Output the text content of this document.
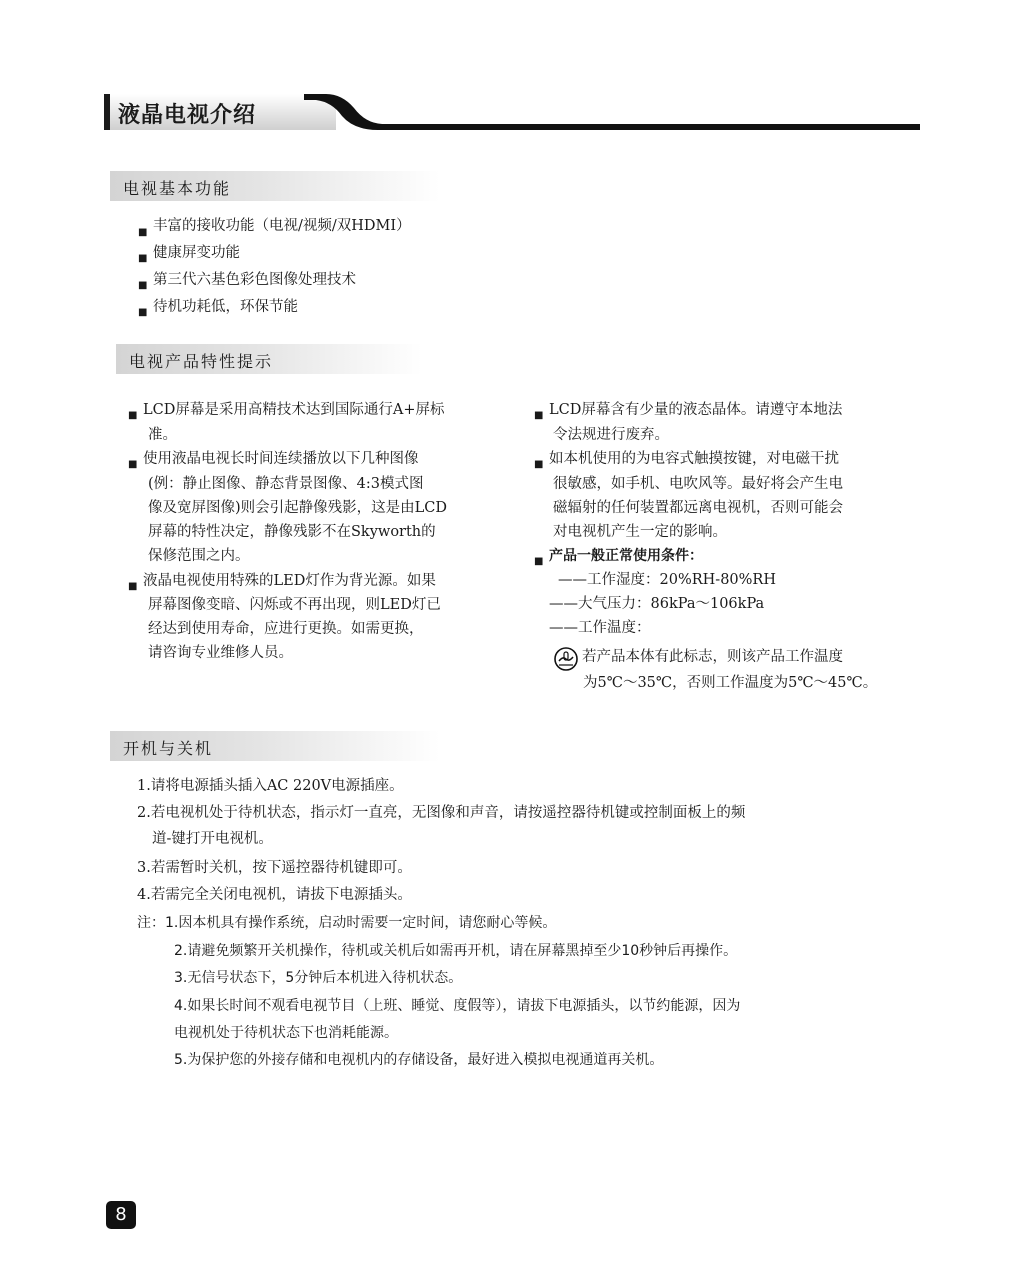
液晶电视介绍
电视基本功能
■ 丰富的接收功能（电视/视频/双HDMI）
■ 健康屏变功能
■ 第三代六基色彩色图像处理技术
■ 待机功耗低，环保节能
电视产品特性提示
■ LCD屏幕是采用高精技术达到国际通行A+屏标
准。
■ 使用液晶电视长时间连续播放以下几种图像
(例：静止图像、静态背景图像、4:3模式图
像及宽屏图像)则会引起静像残影，这是由LCD
屏幕的特性决定，静像残影不在Skyworth的
保修范围之内。
■ 液晶电视使用特殊的LED灯作为背光源。如果
屏幕图像变暗、闪烁或不再出现，则LED灯已
经达到使用寿命，应进行更换。如需更换，
请咨询专业维修人员。
■ LCD屏幕含有少量的液态晶体。请遵守本地法
令法规进行废弃。
■ 如本机使用的为电容式触摸按键，对电磁干扰
很敏感，如手机、电吹风等。最好将会产生电
磁辐射的任何装置都远离电视机，否则可能会
对电视机产生一定的影响。
■ 产品一般正常使用条件：
——工作湿度：20%RH-80%RH
——大气压力：86kPa～106kPa
——工作温度：
若产品本体有此标志，则该产品工作温度
为5℃～35℃，否则工作温度为5℃～45℃。
开机与关机
1.请将电源插头插入AC 220V电源插座。
2.若电视机处于待机状态，指示灯一直亮，无图像和声音，请按遥控器待机键或控制面板上的频
道-键打开电视机。
3.若需暂时关机，按下遥控器待机键即可。
4.若需完全关闭电视机，请拔下电源插头。
注：1.因本机具有操作系统，启动时需要一定时间，请您耐心等候。
2.请避免频繁开关机操作，待机或关机后如需再开机，请在屏幕黑掉至少10秒钟后再操作。
3.无信号状态下，5分钟后本机进入待机状态。
4.如果长时间不观看电视节目（上班、睡觉、度假等），请拔下电源插头，以节约能源，因为
电视机处于待机状态下也消耗能源。
5.为保护您的外接存储和电视机内的存储设备，最好进入模拟电视通道再关机。
8
